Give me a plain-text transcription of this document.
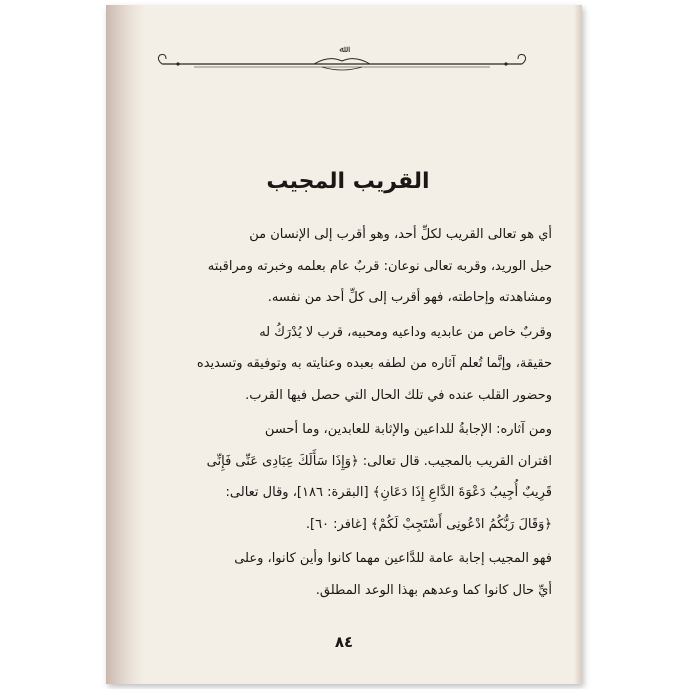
ﷲ
القريب المجيب
أي هو تعالى القريب لكلِّ أحد، وهو أقرب إلى الإنسان من
حبل الوريد، وقربه تعالى نوعان: قربٌ عام بعلمه وخبرته ومراقبته
ومشاهدته وإحاطته، فهو أقرب إلى كلِّ أحد من نفسه.
وقربٌ خاص من عابديه وداعيه ومحبيه، قرب لا يُدْرَكُ له
حقيقة، وإنَّما تُعلم آثاره من لطفه بعبده وعنايته به وتوفيقه وتسديده
وحضور القلب عنده في تلك الحال التي حصل فيها القرب.
ومن آثاره: الإجابةُ للداعين والإثابة للعابدين، وما أحسن
اقتران القريب بالمجيب. قال تعالى: ﴿وَإِذَا سَأَلَكَ عِبَادِى عَنِّى فَإِنِّى
قَرِيبٌ أُجِيبُ دَعْوَةَ الدَّاعِ إِذَا دَعَانِ﴾ [البقرة: ١٨٦]، وقال تعالى:
﴿وَقَالَ رَبُّكُمُ ادْعُونِى أَسْتَجِبْ لَكُمْ﴾ [غافر: ٦٠].
فهو المجيب إجابة عامة للدَّاعين مهما كانوا وأين كانوا، وعلى
أيِّ حال كانوا كما وعدهم بهذا الوعد المطلق.
٨٤
